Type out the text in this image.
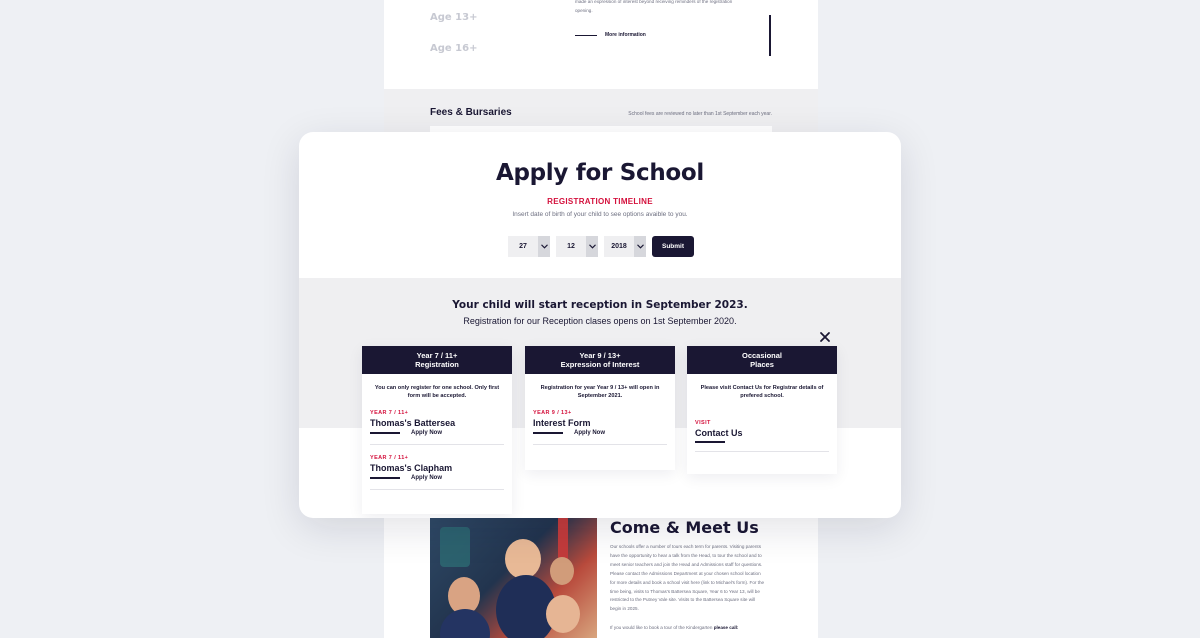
Age 13+
Age 16+
made an expression of interest beyond receiving reminders of the registration opening.
More information
Fees & Bursaries	School fees are reviewed no later than 1st September each year.
Come & Meet Us
Our schools offer a number of tours each term for parents. Visiting parents have the opportunity to hear a talk from the Head, to tour the school and to meet senior teachers and join the Head and Admissions staff for questions. Please contact the Admissions Department at your chosen school location for more details and book a school visit here (link to Michael's form). For the time being, visits to Thomas's Battersea Square, Year 6 to Year 13, will be restricted to the Putney Vale site. Visits to the Battersea Square site will begin in 2025.
If you would like to book a tour of the Kindergarten please call:
Apply for School
REGISTRATION TIMELINE
Insert date of birth of your child to see options avaible to you.
27	12	2018	Submit
Your child will start reception in September 2023.
Registration for our Reception clases opens on 1st September 2020.
Year 7 / 11+
Registration
You can only register for one school. Only first form will be accepted.
YEAR 7 / 11+
Thomas's Battersea
Apply Now
YEAR 7 / 11+
Thomas's Clapham
Apply Now
Year 9 / 13+
Expression of Interest
Registration for year Year 9 / 13+ will open in September 2021.
YEAR 9 / 13+
Interest Form
Apply Now
Occasional
Places
Please visit Contact Us for Registrar details of prefered school.
VISIT
Contact Us
